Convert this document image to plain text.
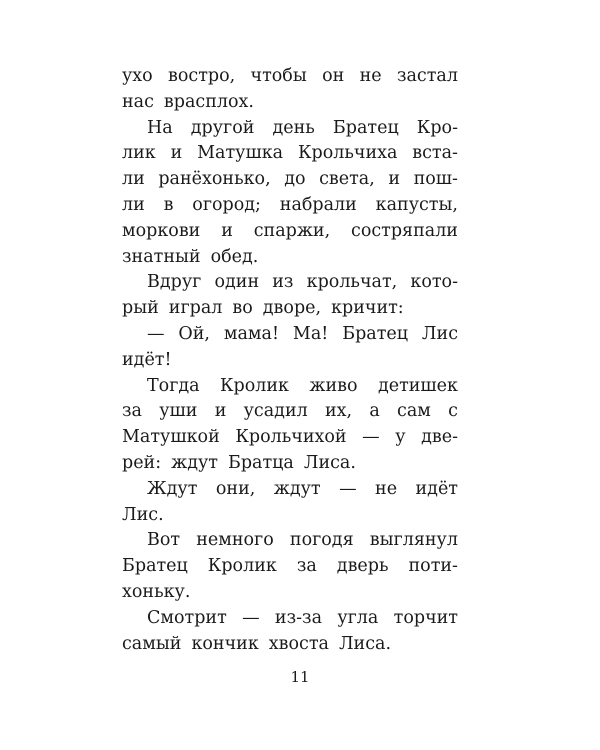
ухо востро, чтобы он не застал
нас врасплох.
На другой день Братец Кро-
лик и Матушка Крольчиха вста-
ли ранёхонько, до света, и пош-
ли в огород; набрали капусты,
моркови и спаржи, состряпали
знатный обед.
Вдруг один из крольчат, кото-
рый играл во дворе, кричит:
— Ой, мама! Ма! Братец Лис
идёт!
Тогда Кролик живо детишек
за уши и усадил их, а сам с
Матушкой Крольчихой — у две-
рей: ждут Братца Лиса.
Ждут они, ждут — не идёт
Лис.
Вот немного погодя выглянул
Братец Кролик за дверь поти-
хоньку.
Смотрит — из-за угла торчит
самый кончик хвоста Лиса.
11
